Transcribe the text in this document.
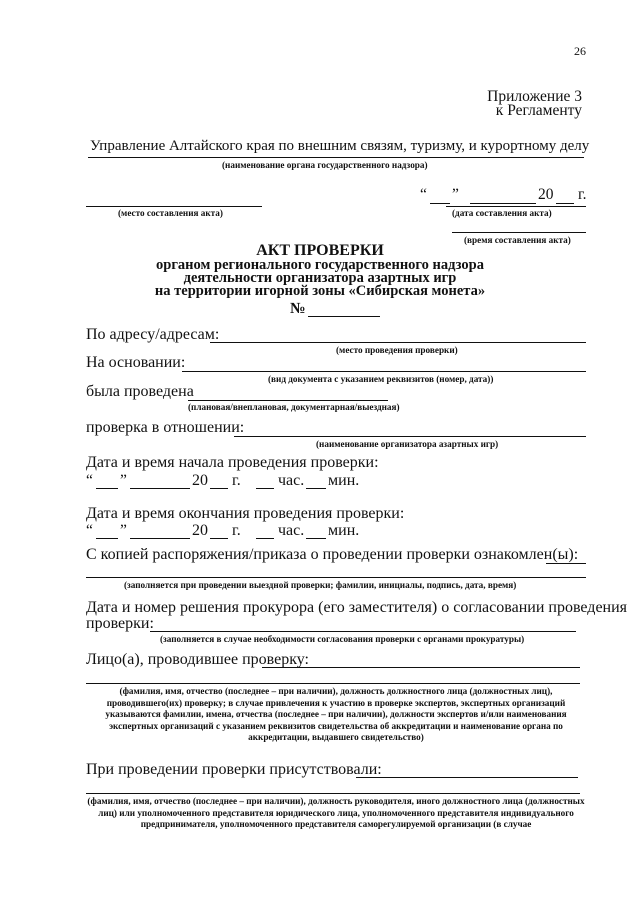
26
Приложение 3
к Регламенту
Управление Алтайского края по внешним связям, туризму, и курортному делу
(наименование органа государственного надзора)
“ ”	20 г.
(место составления акта)	(дата составления акта)
(время составления акта)
АКТ ПРОВЕРКИ
органом регионального государственного надзора
деятельности организатора азартных игр
на территории игорной зоны «Сибирская монета»
№
По адресу/адресам:
(место проведения проверки)
На основании:
(вид документа с указанием реквизитов (номер, дата))
была проведена
(плановая/внеплановая, документарная/выездная)
проверка в отношении:
(наименование организатора азартных игр)
Дата и время начала проведения проверки:
“ ”	20 г. час. мин.
Дата и время окончания проведения проверки:
“ ”	20 г. час. мин.
С копией распоряжения/приказа о проведении проверки ознакомлен(ы):
(заполняется при проведении выездной проверки; фамилии, инициалы, подпись, дата, время)
Дата и номер решения прокурора (его заместителя) о согласовании проведения
проверки:
(заполняется в случае необходимости согласования проверки с органами прокуратуры)
Лицо(а), проводившее проверку:
(фамилия, имя, отчество (последнее – при наличии), должность должностного лица (должностных лиц), проводившего(их) проверку; в случае привлечения к участию в проверке экспертов, экспертных организаций указываются фамилии, имена, отчества (последнее – при наличии), должности экспертов и/или наименования экспертных организаций с указанием реквизитов свидетельства об аккредитации и наименование органа по аккредитации, выдавшего свидетельство)
При проведении проверки присутствовали:
(фамилия, имя, отчество (последнее – при наличии), должность руководителя, иного должностного лица (должностных лиц) или уполномоченного представителя юридического лица, уполномоченного представителя индивидуального предпринимателя, уполномоченного представителя саморегулируемой организации (в случае
